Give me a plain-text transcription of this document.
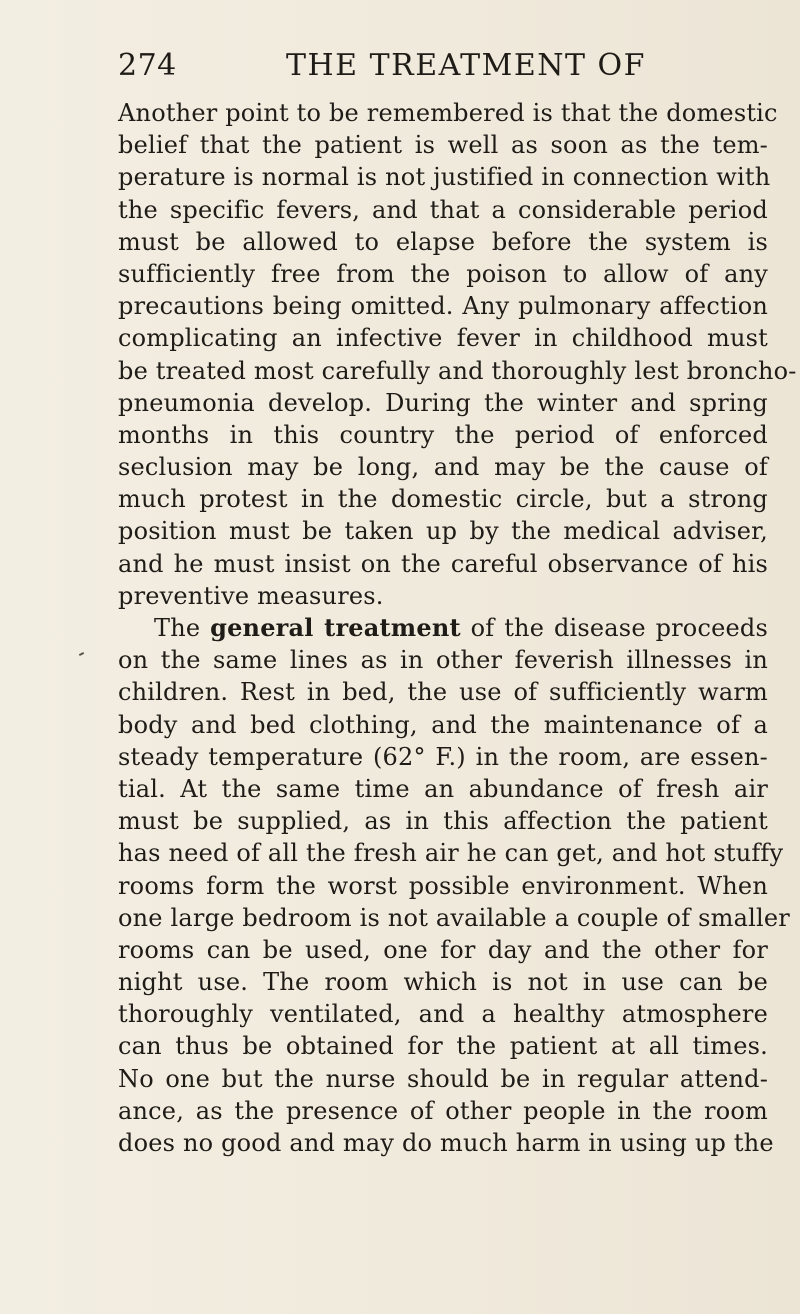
274	THE TREATMENT OF
Another point to be remembered is that the domestic
belief that the patient is well as soon as the tem-
perature is normal is not justified in connection with
the specific fevers, and that a considerable period
must be allowed to elapse before the system is
sufficiently free from the poison to allow of any
precautions being omitted. Any pulmonary affection
complicating an infective fever in childhood must
be treated most carefully and thoroughly lest broncho-
pneumonia develop. During the winter and spring
months in this country the period of enforced
seclusion may be long, and may be the cause of
much protest in the domestic circle, but a strong
position must be taken up by the medical adviser,
and he must insist on the careful observance of his
preventive measures.
The general treatment of the disease proceeds
on the same lines as in other feverish illnesses in
children. Rest in bed, the use of sufficiently warm
body and bed clothing, and the maintenance of a
steady temperature (62° F.) in the room, are essen-
tial. At the same time an abundance of fresh air
must be supplied, as in this affection the patient
has need of all the fresh air he can get, and hot stuffy
rooms form the worst possible environment. When
one large bedroom is not available a couple of smaller
rooms can be used, one for day and the other for
night use. The room which is not in use can be
thoroughly ventilated, and a healthy atmosphere
can thus be obtained for the patient at all times.
No one but the nurse should be in regular attend-
ance, as the presence of other people in the room
does no good and may do much harm in using up the
